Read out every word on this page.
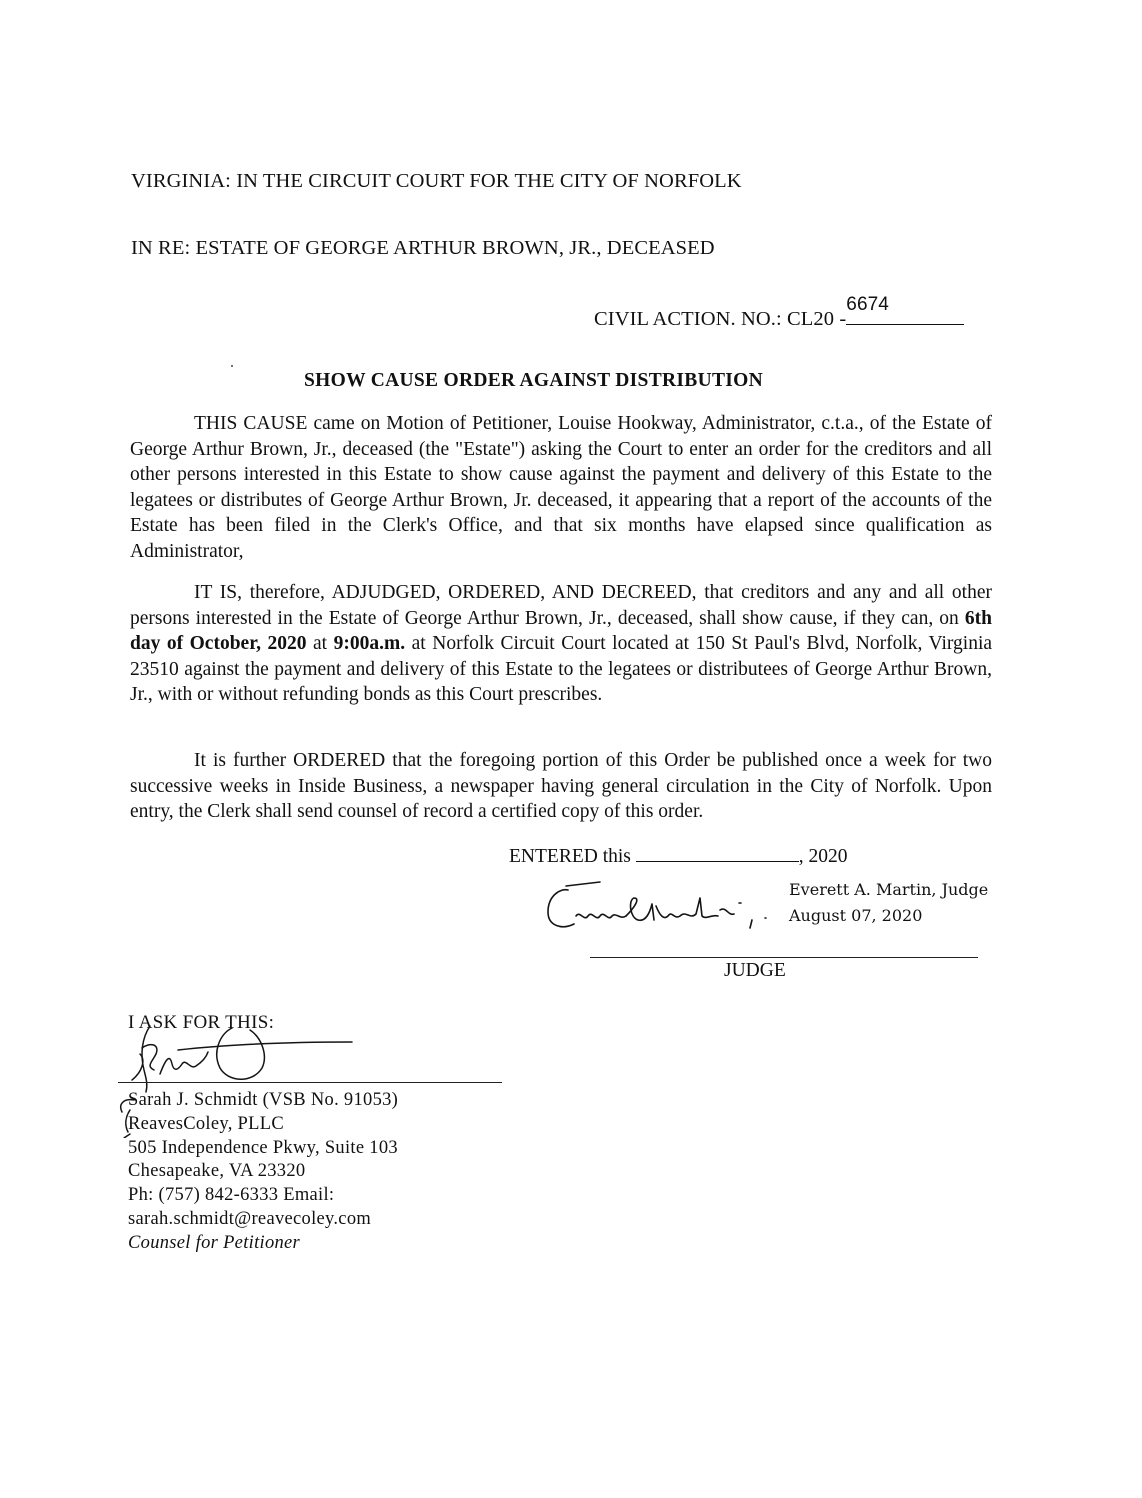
VIRGINIA: IN THE CIRCUIT COURT FOR THE CITY OF NORFOLK
IN RE: ESTATE OF GEORGE ARTHUR BROWN, JR., DECEASED
CIVIL ACTION. NO.: CL20 -
6674
SHOW CAUSE ORDER AGAINST DISTRIBUTION

THIS CAUSE came on Motion of Petitioner, Louise Hookway, Administrator, c.t.a., of the Estate of George Arthur Brown, Jr., deceased (the "Estate") asking the Court to enter an order for the creditors and all other persons interested in this Estate to show cause against the payment and delivery of this Estate to the legatees or distributes of George Arthur Brown, Jr. deceased, it appearing that a report of the accounts of the Estate has been filed in the Clerk's Office, and that six months have elapsed since qualification as Administrator,

IT IS, therefore, ADJUDGED, ORDERED, AND DECREED, that creditors and any and all other persons interested in the Estate of George Arthur Brown, Jr., deceased, shall show cause, if they can, on 6th day of October, 2020 at 9:00a.m. at Norfolk Circuit Court located at 150 St Paul's Blvd, Norfolk, Virginia 23510 against the payment and delivery of this Estate to the legatees or distributees of George Arthur Brown, Jr., with or without refunding bonds as this Court prescribes.

It is further ORDERED that the foregoing portion of this Order be published once a week for two successive weeks in Inside Business, a newspaper having general circulation in the City of Norfolk. Upon entry, the Clerk shall send counsel of record a certified copy of this order.

ENTERED this	, 2020
Everett A. Martin, Judge
August 07, 2020
JUDGE
I ASK FOR THIS:
Sarah J. Schmidt (VSB No. 91053)
ReavesColey, PLLC
505 Independence Pkwy, Suite 103
Chesapeake, VA 23320
Ph: (757) 842-6333 Email:
sarah.schmidt@reavecoley.com
Counsel for Petitioner
